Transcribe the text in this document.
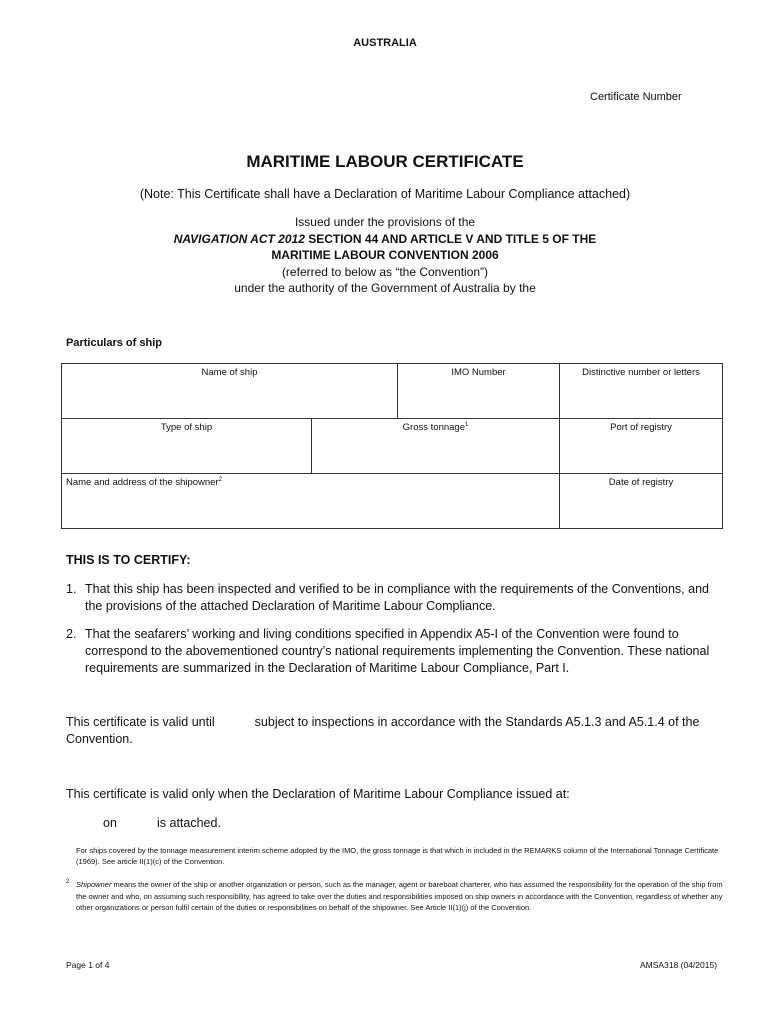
AUSTRALIA
Certificate Number
MARITIME LABOUR CERTIFICATE
(Note: This Certificate shall have a Declaration of Maritime Labour Compliance attached)
Issued under the provisions of the
NAVIGATION ACT 2012 SECTION 44 AND ARTICLE V AND TITLE 5 OF THE
MARITIME LABOUR CONVENTION 2006
(referred to below as “the Convention”)
under the authority of the Government of Australia by the
Particulars of ship
Name of ship		IMO Number	Distinctive number or letters
Type of ship	Gross tonnage$^1$		Port of registry
Name and address of the shipowner$^2$			Date of registry
THIS IS TO CERTIFY:
1. That this ship has been inspected and verified to be in compliance with the requirements of the Conventions, and the provisions of the attached Declaration of Maritime Labour Compliance.
2. That the seafarers’ working and living conditions specified in Appendix A5-I of the Convention were found to correspond to the abovementioned country’s national requirements implementing the Convention. These national requirements are summarized in the Declaration of Maritime Labour Compliance, Part I.
This certificate is valid until	subject to inspections in accordance with the Standards A5.1.3 and A5.1.4 of the Convention.
This certificate is valid only when the Declaration of Maritime Labour Compliance issued at:
on	is attached.
For ships covered by the tonnage measurement interim scheme adopted by the IMO, the gross tonnage is that which in included in the REMARKS column of the International Tonnage Certificate (1969). See article II(1)(c) of the Convention.
2 Shipowner means the owner of the ship or another organization or person, such as the manager, agent or bareboat charterer, who has assumed the responsibility for the operation of the ship from the owner and who, on assuming such responsibility, has agreed to take over the duties and responsibilities imposed on ship owners in accordance with the Convention, regardless of whether any other organizations or person fulfil certain of the duties or responsibilities on behalf of the shipowner. See Article II(1)(j) of the Convention.
Page 1 of 4	AMSA318 (04/2015)
